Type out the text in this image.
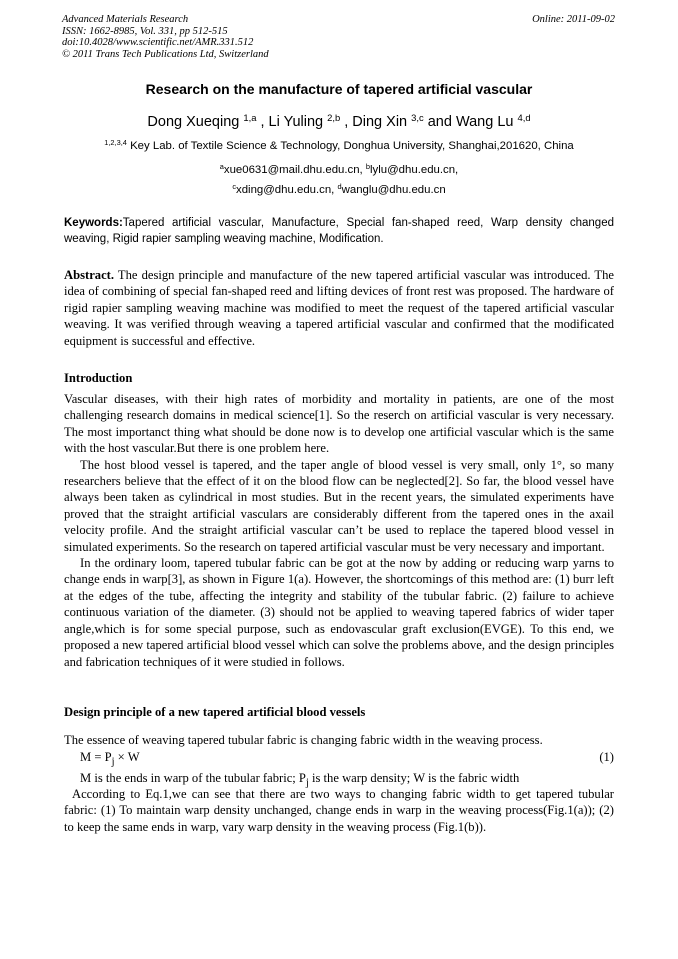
Advanced Materials Research
ISSN: 1662-8985, Vol. 331, pp 512-515
doi:10.4028/www.scientific.net/AMR.331.512
© 2011 Trans Tech Publications Ltd, Switzerland
Online: 2011-09-02
Research on the manufacture of tapered artificial vascular
Dong Xueqing $^{1,a}$ , Li Yuling $^{2,b}$ , Ding Xin $^{3,c}$ and Wang Lu $^{4,d}$
$^{1,2,3,4}$ Key Lab. of Textile Science & Technology, Donghua University, Shanghai,201620, China
$^a$xue0631@mail.dhu.edu.cn, $^b$lylu@dhu.edu.cn,
$^c$xding@dhu.edu.cn, $^d$wanglu@dhu.edu.cn
Keywords:Tapered artificial vascular, Manufacture, Special fan-shaped reed, Warp density changed weaving, Rigid rapier sampling weaving machine, Modification.
Abstract. The design principle and manufacture of the new tapered artificial vascular was introduced. The idea of combining of special fan-shaped reed and lifting devices of front rest was proposed. The hardware of rigid rapier sampling weaving machine was modified to meet the request of the tapered artificial vascular weaving. It was verified through weaving a tapered artificial vascular and confirmed that the modificated equipment is successful and effective.
Introduction

Vascular diseases, with their high rates of morbidity and mortality in patients, are one of the most challenging research domains in medical science[1]. So the reserch on artificial vascular is very necessary. The most importanct thing what should be done now is to develop one artificial vascular which is the same with the host vascular.But there is one problem here.

The host blood vessel is tapered, and the taper angle of blood vessel is very small, only 1°, so many researchers believe that the effect of it on the blood flow can be neglected[2]. So far, the blood vessel have always been taken as cylindrical in most studies. But in the recent years, the simulated experiments have proved that the straight artificial vasculars are considerably different from the tapered ones in the axail velocity profile. And the straight artificial vascular can’t be used to replace the tapered blood vessel in simulated experiments. So the research on tapered artificial vascular must be very necessary and important.

In the ordinary loom, tapered tubular fabric can be got at the now by adding or reducing warp yarns to change ends in warp[3], as shown in Figure 1(a). However, the shortcomings of this method are: (1) burr left at the edges of the tube, affecting the integrity and stability of the tubular fabric. (2) failure to achieve continuous variation of the diameter. (3) should not be applied to weaving tapered fabrics of wider taper angle,which is for some special purpose, such as endovascular graft exclusion(EVGE). To this end, we proposed a new tapered artificial blood vessel which can solve the problems above, and the design principles and fabrication techniques of it were studied in follows.

Design principle of a new tapered artificial blood vessels
The essence of weaving tapered tubular fabric is changing fabric width in the weaving process.
$M = P_j \times W$	(1)
M is the ends in warp of the tubular fabric; $P_j$ is the warp density; W is the fabric width
According to Eq.1,we can see that there are two ways to changing fabric width to get tapered tubular fabric: (1) To maintain warp density unchanged, change ends in warp in the weaving process(Fig.1(a)); (2) to keep the same ends in warp, vary warp density in the weaving process (Fig.1(b)).
